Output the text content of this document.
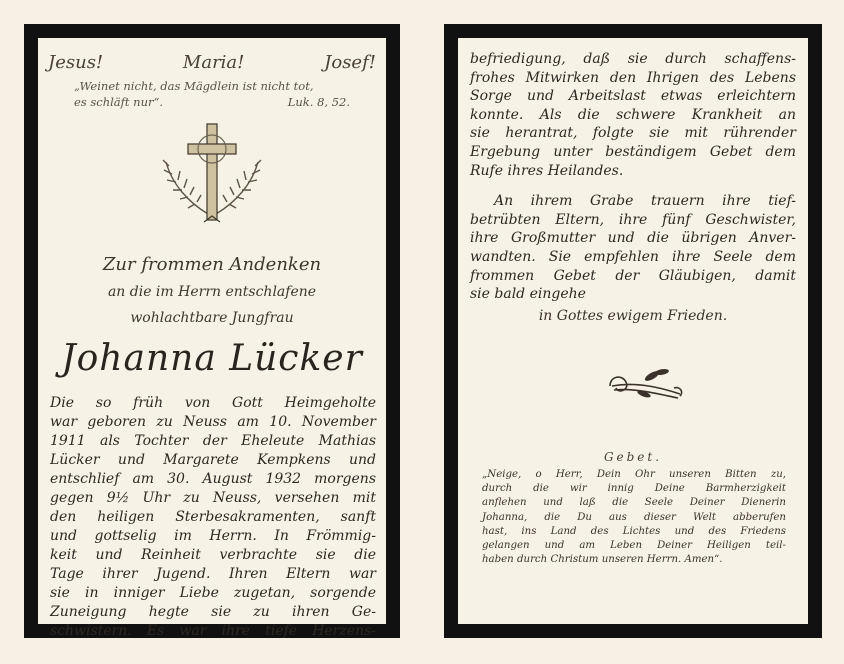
Jesus!	Maria!	Josef!
„Weinet nicht, das Mägdlein ist nicht tot,
es schläft nur“.	Luk. 8, 52.
Zur frommen Andenken
an die im Herrn entschlafene
wohlachtbare Jungfrau
Johanna Lücker
Die so früh von Gott Heimgeholte
war geboren zu Neuss am 10. November
1911 als Tochter der Eheleute Mathias
Lücker und Margarete Kempkens und
entschlief am 30. August 1932 morgens
gegen 9½ Uhr zu Neuss, versehen mit
den heiligen Sterbesakramenten, sanft
und gottselig im Herrn. In Frömmig-
keit und Reinheit verbrachte sie die
Tage ihrer Jugend. Ihren Eltern war
sie in inniger Liebe zugetan, sorgende
Zuneigung hegte sie zu ihren Ge-
schwistern. Es war ihre tiefe Herzens-
befriedigung, daß sie durch schaffens-
frohes Mitwirken den Ihrigen des Lebens
Sorge und Arbeitslast etwas erleichtern
konnte. Als die schwere Krankheit an
sie herantrat, folgte sie mit rührender
Ergebung unter beständigem Gebet dem
Rufe ihres Heilandes.
An ihrem Grabe trauern ihre tief-
betrübten Eltern, ihre fünf Geschwister,
ihre Großmutter und die übrigen Anver-
wandten. Sie empfehlen ihre Seele dem
frommen Gebet der Gläubigen, damit
sie bald eingehe
in Gottes ewigem Frieden.
Gebet.
„Neige, o Herr, Dein Ohr unseren Bitten zu,
durch die wir innig Deine Barmherzigkeit
anflehen und laß die Seele Deiner Dienerin
Johanna, die Du aus dieser Welt abberufen
hast, ins Land des Lichtes und des Friedens
gelangen und am Leben Deiner Heiligen teil-
haben durch Christum unseren Herrn. Amen“.
